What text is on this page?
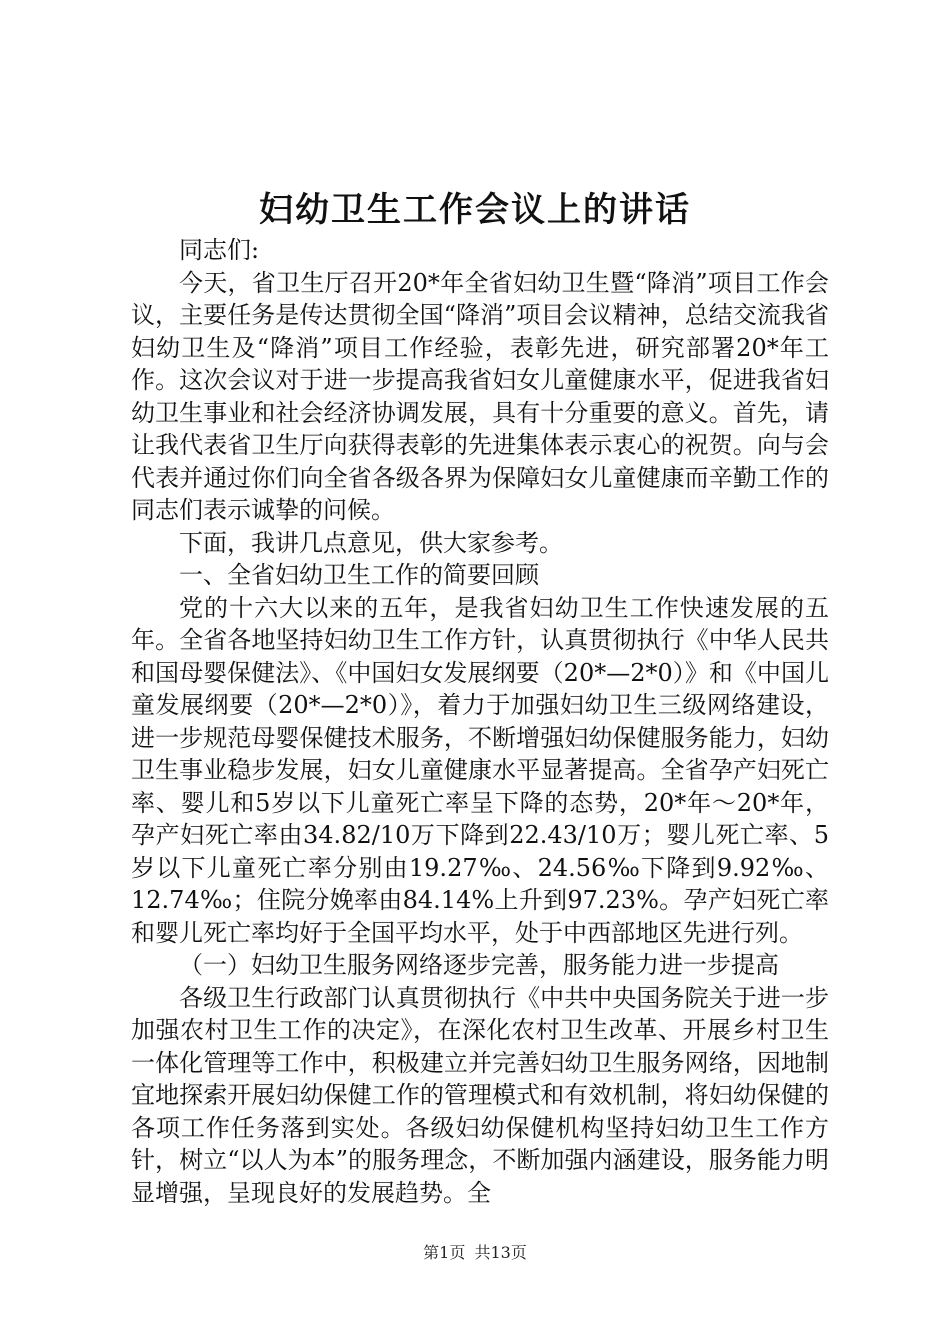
妇幼卫生工作会议上的讲话

同志们:

今天，省卫生厅召开20*年全省妇幼卫生暨“降消”项目工作会议，主要任务是传达贯彻全国“降消”项目会议精神，总结交流我省妇幼卫生及“降消”项目工作经验，表彰先进，研究部署20*年工作。这次会议对于进一步提高我省妇女儿童健康水平，促进我省妇幼卫生事业和社会经济协调发展，具有十分重要的意义。首先，请让我代表省卫生厅向获得表彰的先进集体表示衷心的祝贺。向与会代表并通过你们向全省各级各界为保障妇女儿童健康而辛勤工作的同志们表示诚挚的问候。

下面，我讲几点意见，供大家参考。

一、全省妇幼卫生工作的简要回顾

党的十六大以来的五年，是我省妇幼卫生工作快速发展的五年。全省各地坚持妇幼卫生工作方针，认真贯彻执行《中华人民共和国母婴保健法》、《中国妇女发展纲要（20*—2*0）》和《中国儿童发展纲要（20*—2*0）》，着力于加强妇幼卫生三级网络建设，进一步规范母婴保健技术服务，不断增强妇幼保健服务能力，妇幼卫生事业稳步发展，妇女儿童健康水平显著提高。全省孕产妇死亡率、婴儿和5岁以下儿童死亡率呈下降的态势，20*年～20*年，孕产妇死亡率由34.82/10万下降到22.43/10万；婴儿死亡率、5岁以下儿童死亡率分别由19.27‰、24.56‰下降到9.92‰、12.74‰；住院分娩率由84.14%上升到97.23%。孕产妇死亡率和婴儿死亡率均好于全国平均水平，处于中西部地区先进行列。

（一）妇幼卫生服务网络逐步完善，服务能力进一步提高

各级卫生行政部门认真贯彻执行《中共中央国务院关于进一步加强农村卫生工作的决定》，在深化农村卫生改革、开展乡村卫生一体化管理等工作中，积极建立并完善妇幼卫生服务网络，因地制宜地探索开展妇幼保健工作的管理模式和有效机制，将妇幼保健的各项工作任务落到实处。各级妇幼保健机构坚持妇幼卫生工作方针，树立“以人为本”的服务理念，不断加强内涵建设，服务能力明显增强，呈现良好的发展趋势。全

第1页 共13页
